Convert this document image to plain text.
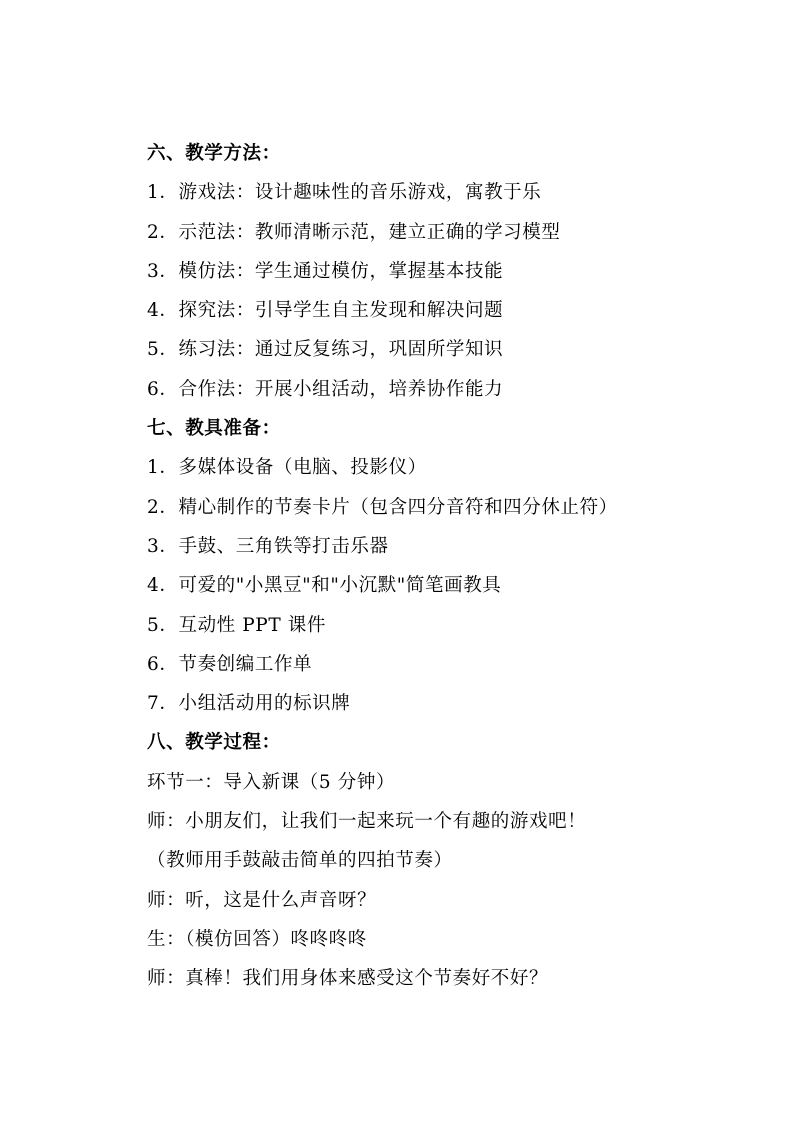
六、教学方法：
1．游戏法：设计趣味性的音乐游戏，寓教于乐
2．示范法：教师清晰示范，建立正确的学习模型
3．模仿法：学生通过模仿，掌握基本技能
4．探究法：引导学生自主发现和解决问题
5．练习法：通过反复练习，巩固所学知识
6．合作法：开展小组活动，培养协作能力
七、教具准备：
1．多媒体设备（电脑、投影仪）
2．精心制作的节奏卡片（包含四分音符和四分休止符）
3．手鼓、三角铁等打击乐器
4．可爱的"小黑豆"和"小沉默"简笔画教具
5．互动性 PPT 课件
6．节奏创编工作单
7．小组活动用的标识牌
八、教学过程：
环节一：导入新课（5 分钟）
师：小朋友们，让我们一起来玩一个有趣的游戏吧！
（教师用手鼓敲击简单的四拍节奏）
师：听，这是什么声音呀？
生：（模仿回答）咚咚咚咚
师：真棒！我们用身体来感受这个节奏好不好？
